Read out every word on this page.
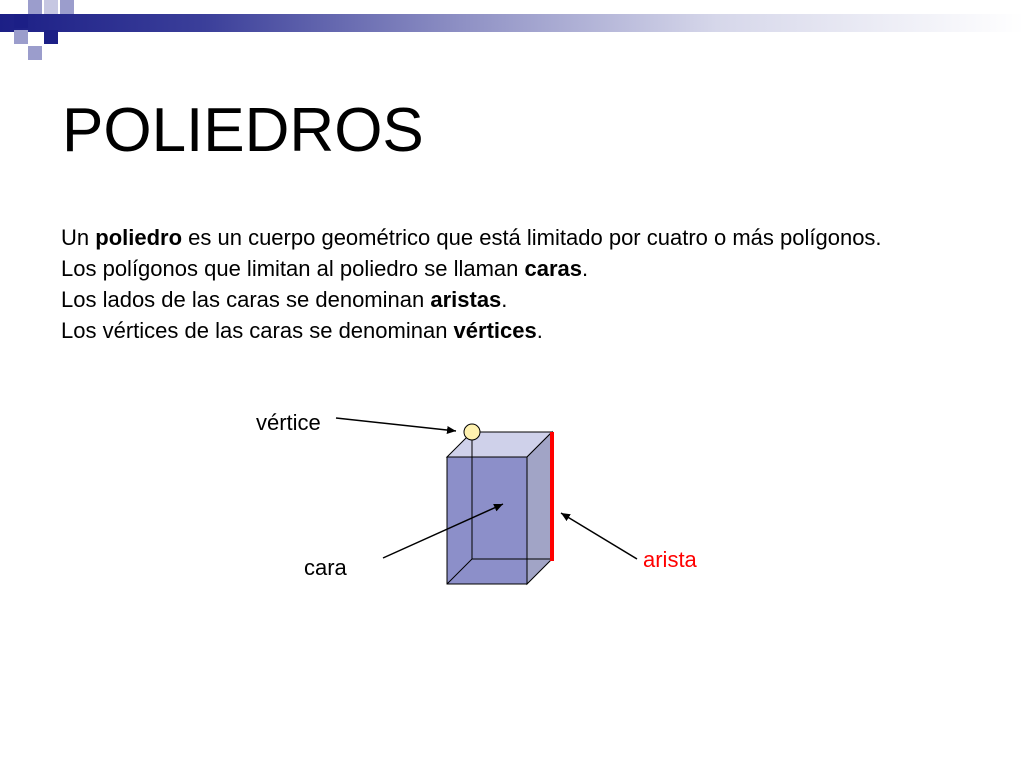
POLIEDROS

Un poliedro es un cuerpo geométrico que está limitado por cuatro o más polígonos.

Los polígonos que limitan al poliedro se llaman caras.

Los lados de las caras se denominan aristas.

Los vértices de las caras se denominan vértices.

vértice
cara	arista
